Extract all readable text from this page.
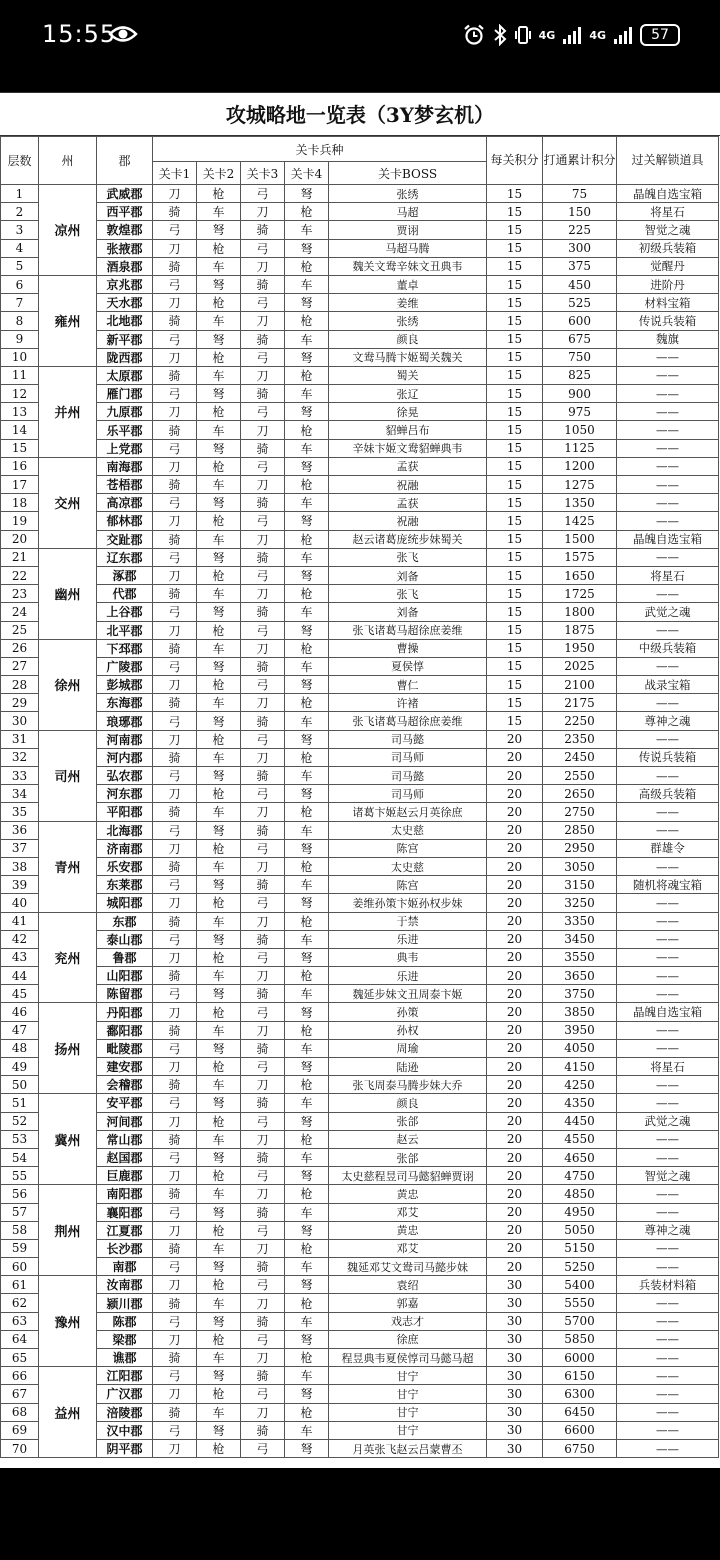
15:55	4G	4G	57
攻城略地一览表（3Y梦玄机）
层数	州	郡	关卡兵种					每关积分	打通累计积分	过关解锁道具
			关卡1	关卡2	关卡3	关卡4	关卡BOSS			
1	凉州	武威郡	刀	枪	弓	弩	张绣	15	75	晶魄自选宝箱
2		西平郡	骑	车	刀	枪	马超	15	150	将星石
3		敦煌郡	弓	弩	骑	车	贾诩	15	225	智觉之魂
4		张掖郡	刀	枪	弓	弩	马超马腾	15	300	初级兵装箱
5		酒泉郡	骑	车	刀	枪	魏关文鸯辛妹文丑典韦	15	375	觉醒丹
6	雍州	京兆郡	弓	弩	骑	车	董卓	15	450	进阶丹
7		天水郡	刀	枪	弓	弩	姜维	15	525	材料宝箱
8		北地郡	骑	车	刀	枪	张绣	15	600	传说兵装箱
9		新平郡	弓	弩	骑	车	颜良	15	675	魏旗
10		陇西郡	刀	枪	弓	弩	文鸯马腾卞姬蜀关魏关	15	750	——
11	并州	太原郡	骑	车	刀	枪	蜀关	15	825	——
12		雁门郡	弓	弩	骑	车	张辽	15	900	——
13		九原郡	刀	枪	弓	弩	徐晃	15	975	——
14		乐平郡	骑	车	刀	枪	貂蝉吕布	15	1050	——
15		上党郡	弓	弩	骑	车	辛妹卞姬文鸯貂蝉典韦	15	1125	——
16	交州	南海郡	刀	枪	弓	弩	孟获	15	1200	——
17		苍梧郡	骑	车	刀	枪	祝融	15	1275	——
18		高凉郡	弓	弩	骑	车	孟获	15	1350	——
19		郁林郡	刀	枪	弓	弩	祝融	15	1425	——
20		交趾郡	骑	车	刀	枪	赵云诸葛庞统步妹蜀关	15	1500	晶魄自选宝箱
21	幽州	辽东郡	弓	弩	骑	车	张飞	15	1575	——
22		涿郡	刀	枪	弓	弩	刘备	15	1650	将星石
23		代郡	骑	车	刀	枪	张飞	15	1725	——
24		上谷郡	弓	弩	骑	车	刘备	15	1800	武觉之魂
25		北平郡	刀	枪	弓	弩	张飞诸葛马超徐庶姜维	15	1875	——
26	徐州	下邳郡	骑	车	刀	枪	曹操	15	1950	中级兵装箱
27		广陵郡	弓	弩	骑	车	夏侯惇	15	2025	——
28		彭城郡	刀	枪	弓	弩	曹仁	15	2100	战录宝箱
29		东海郡	骑	车	刀	枪	许褚	15	2175	——
30		琅琊郡	弓	弩	骑	车	张飞诸葛马超徐庶姜维	15	2250	尊神之魂
31	司州	河南郡	刀	枪	弓	弩	司马懿	20	2350	——
32		河内郡	骑	车	刀	枪	司马师	20	2450	传说兵装箱
33		弘农郡	弓	弩	骑	车	司马懿	20	2550	——
34		河东郡	刀	枪	弓	弩	司马师	20	2650	高级兵装箱
35		平阳郡	骑	车	刀	枪	诸葛卞姬赵云月英徐庶	20	2750	——
36	青州	北海郡	弓	弩	骑	车	太史慈	20	2850	——
37		济南郡	刀	枪	弓	弩	陈宫	20	2950	群雄令
38		乐安郡	骑	车	刀	枪	太史慈	20	3050	——
39		东莱郡	弓	弩	骑	车	陈宫	20	3150	随机将魂宝箱
40		城阳郡	刀	枪	弓	弩	姜维孙策卞姬孙权步妹	20	3250	——
41	兖州	东郡	骑	车	刀	枪	于禁	20	3350	——
42		泰山郡	弓	弩	骑	车	乐进	20	3450	——
43		鲁郡	刀	枪	弓	弩	典韦	20	3550	——
44		山阳郡	骑	车	刀	枪	乐进	20	3650	——
45		陈留郡	弓	弩	骑	车	魏延步妹文丑周泰卞姬	20	3750	——
46	扬州	丹阳郡	刀	枪	弓	弩	孙策	20	3850	晶魄自选宝箱
47		鄱阳郡	骑	车	刀	枪	孙权	20	3950	——
48		毗陵郡	弓	弩	骑	车	周瑜	20	4050	——
49		建安郡	刀	枪	弓	弩	陆逊	20	4150	将星石
50		会稽郡	骑	车	刀	枪	张飞周泰马腾步妹大乔	20	4250	——
51	冀州	安平郡	弓	弩	骑	车	颜良	20	4350	——
52		河间郡	刀	枪	弓	弩	张郃	20	4450	武觉之魂
53		常山郡	骑	车	刀	枪	赵云	20	4550	——
54		赵国郡	弓	弩	骑	车	张郃	20	4650	——
55		巨鹿郡	刀	枪	弓	弩	太史慈程昱司马懿貂蝉贾诩	20	4750	智觉之魂
56	荆州	南阳郡	骑	车	刀	枪	黄忠	20	4850	——
57		襄阳郡	弓	弩	骑	车	邓艾	20	4950	——
58		江夏郡	刀	枪	弓	弩	黄忠	20	5050	尊神之魂
59		长沙郡	骑	车	刀	枪	邓艾	20	5150	——
60		南郡	弓	弩	骑	车	魏延邓艾文鸯司马懿步妹	20	5250	——
61	豫州	汝南郡	刀	枪	弓	弩	袁绍	30	5400	兵装材料箱
62		颍川郡	骑	车	刀	枪	郭嘉	30	5550	——
63		陈郡	弓	弩	骑	车	戏志才	30	5700	——
64		梁郡	刀	枪	弓	弩	徐庶	30	5850	——
65		谯郡	骑	车	刀	枪	程昱典韦夏侯惇司马懿马超	30	6000	——
66	益州	江阳郡	弓	弩	骑	车	甘宁	30	6150	——
67		广汉郡	刀	枪	弓	弩	甘宁	30	6300	——
68		涪陵郡	骑	车	刀	枪	甘宁	30	6450	——
69		汉中郡	弓	弩	骑	车	甘宁	30	6600	——
70		阴平郡	刀	枪	弓	弩	月英张飞赵云吕蒙曹丕	30	6750	——
